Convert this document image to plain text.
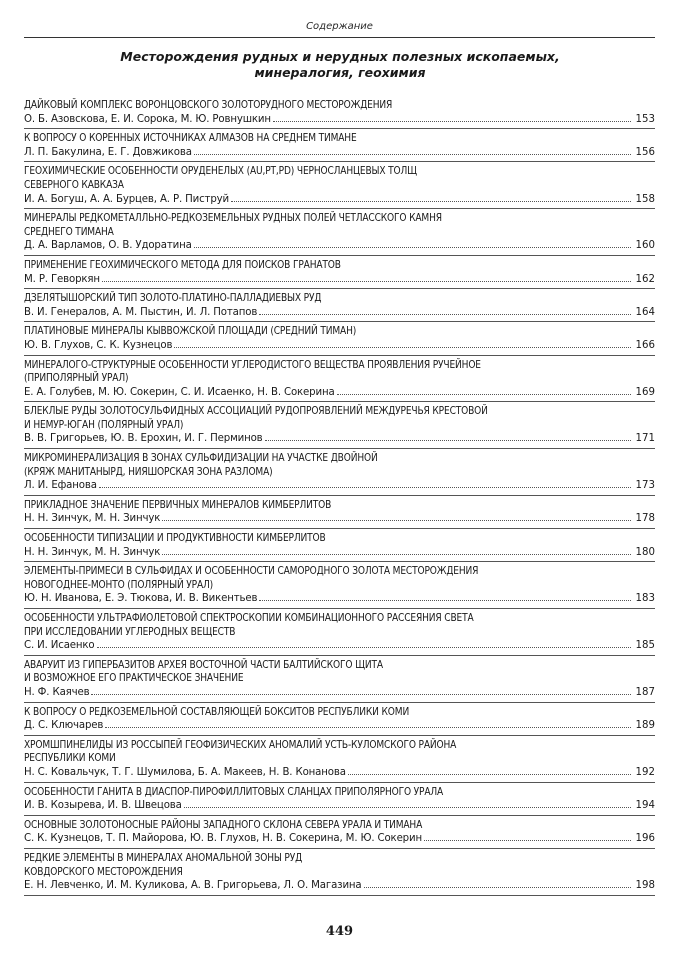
Содержание
Месторождения рудных и нерудных полезных ископаемых,
минералогия, геохимия
ДАЙКОВЫЙ КОМПЛЕКС ВОРОНЦОВСКОГО ЗОЛОТОРУДНОГО МЕСТОРОЖДЕНИЯ
О. Б. Азовскова, Е. И. Сорока, М. Ю. Ровнушкин	153
К ВОПРОСУ О КОРЕННЫХ ИСТОЧНИКАХ АЛМАЗОВ НА СРЕДНЕМ ТИМАНЕ
Л. П. Бакулина, Е. Г. Довжикова	156
ГЕОХИМИЧЕСКИЕ ОСОБЕННОСТИ ОРУДЕНЕЛЫХ (AU,PT,PD) ЧЕРНОСЛАНЦЕВЫХ ТОЛЩ
СЕВЕРНОГО КАВКАЗА
И. А. Богуш, А. А. Бурцев, А. Р. Пиструй	158
МИНЕРАЛЫ РЕДКОМЕТАЛЛЬНО-РЕДКОЗЕМЕЛЬНЫХ РУДНЫХ ПОЛЕЙ ЧЕТЛАССКОГО КАМНЯ
СРЕДНЕГО ТИМАНА
Д. А. Варламов, О. В. Удоратина	160
ПРИМЕНЕНИЕ ГЕОХИМИЧЕСКОГО МЕТОДА ДЛЯ ПОИСКОВ ГРАНАТОВ
М. Р. Геворкян	162
ДЗЕЛЯТЫШОРСКИЙ ТИП ЗОЛОТО-ПЛАТИНО-ПАЛЛАДИЕВЫХ РУД
В. И. Генералов, А. М. Пыстин, И. Л. Потапов	164
ПЛАТИНОВЫЕ МИНЕРАЛЫ КЫВВОЖСКОЙ ПЛОЩАДИ (СРЕДНИЙ ТИМАН)
Ю. В. Глухов, С. К. Кузнецов	166
МИНЕРАЛОГО-СТРУКТУРНЫЕ ОСОБЕННОСТИ УГЛЕРОДИСТОГО ВЕЩЕСТВА ПРОЯВЛЕНИЯ РУЧЕЙНОЕ
(ПРИПОЛЯРНЫЙ УРАЛ)
Е. А. Голубев, М. Ю. Сокерин, С. И. Исаенко, Н. В. Сокерина	169
БЛЕКЛЫЕ РУДЫ ЗОЛОТОСУЛЬФИДНЫХ АССОЦИАЦИЙ РУДОПРОЯВЛЕНИЙ МЕЖДУРЕЧЬЯ КРЕСТОВОЙ
И НЕМУР-ЮГАН (ПОЛЯРНЫЙ УРАЛ)
В. В. Григорьев, Ю. В. Ерохин, И. Г. Перминов	171
МИКРОМИНЕРАЛИЗАЦИЯ В ЗОНАХ СУЛЬФИДИЗАЦИИ НА УЧАСТКЕ ДВОЙНОЙ
(КРЯЖ МАНИТАНЫРД, НИЯШОРСКАЯ ЗОНА РАЗЛОМА)
Л. И. Ефанова	173
ПРИКЛАДНОЕ ЗНАЧЕНИЕ ПЕРВИЧНЫХ МИНЕРАЛОВ КИМБЕРЛИТОВ
Н. Н. Зинчук, М. Н. Зинчук	178
ОСОБЕННОСТИ ТИПИЗАЦИИ И ПРОДУКТИВНОСТИ КИМБЕРЛИТОВ
Н. Н. Зинчук, М. Н. Зинчук	180
ЭЛЕМЕНТЫ-ПРИМЕСИ В СУЛЬФИДАХ И ОСОБЕННОСТИ САМОРОДНОГО ЗОЛОТА МЕСТОРОЖДЕНИЯ
НОВОГОДНЕЕ-МОНТО (ПОЛЯРНЫЙ УРАЛ)
Ю. Н. Иванова, Е. Э. Тюкова, И. В. Викентьев	183
ОСОБЕННОСТИ УЛЬТРАФИОЛЕТОВОЙ СПЕКТРОСКОПИИ КОМБИНАЦИОННОГО РАССЕЯНИЯ СВЕТА
ПРИ ИССЛЕДОВАНИИ УГЛЕРОДНЫХ ВЕЩЕСТВ
С. И. Исаенко	185
АВАРУИТ ИЗ ГИПЕРБАЗИТОВ АРХЕЯ ВОСТОЧНОЙ ЧАСТИ БАЛТИЙСКОГО ЩИТА
И ВОЗМОЖНОЕ ЕГО ПРАКТИЧЕСКОЕ ЗНАЧЕНИЕ
Н. Ф. Каячев	187
К ВОПРОСУ О РЕДКОЗЕМЕЛЬНОЙ СОСТАВЛЯЮЩЕЙ БОКСИТОВ РЕСПУБЛИКИ КОМИ
Д. С. Ключарев	189
ХРОМШПИНЕЛИДЫ ИЗ РОССЫПЕЙ ГЕОФИЗИЧЕСКИХ АНОМАЛИЙ УСТЬ-КУЛОМСКОГО РАЙОНА
РЕСПУБЛИКИ КОМИ
Н. С. Ковальчук, Т. Г. Шумилова, Б. А. Макеев, Н. В. Конанова	192
ОСОБЕННОСТИ ГАНИТА В ДИАСПОР-ПИРОФИЛЛИТОВЫХ СЛАНЦАХ ПРИПОЛЯРНОГО УРАЛА
И. В. Козырева, И. В. Швецова	194
ОСНОВНЫЕ ЗОЛОТОНОСНЫЕ РАЙОНЫ ЗАПАДНОГО СКЛОНА СЕВЕРА УРАЛА И ТИМАНА
С. К. Кузнецов, Т. П. Майорова, Ю. В. Глухов, Н. В. Сокерина, М. Ю. Сокерин	196
РЕДКИЕ ЭЛЕМЕНТЫ В МИНЕРАЛАХ АНОМАЛЬНОЙ ЗОНЫ РУД
КОВДОРСКОГО МЕСТОРОЖДЕНИЯ
Е. Н. Левченко, И. М. Куликова, А. В. Григорьева, Л. О. Магазина	198
449
